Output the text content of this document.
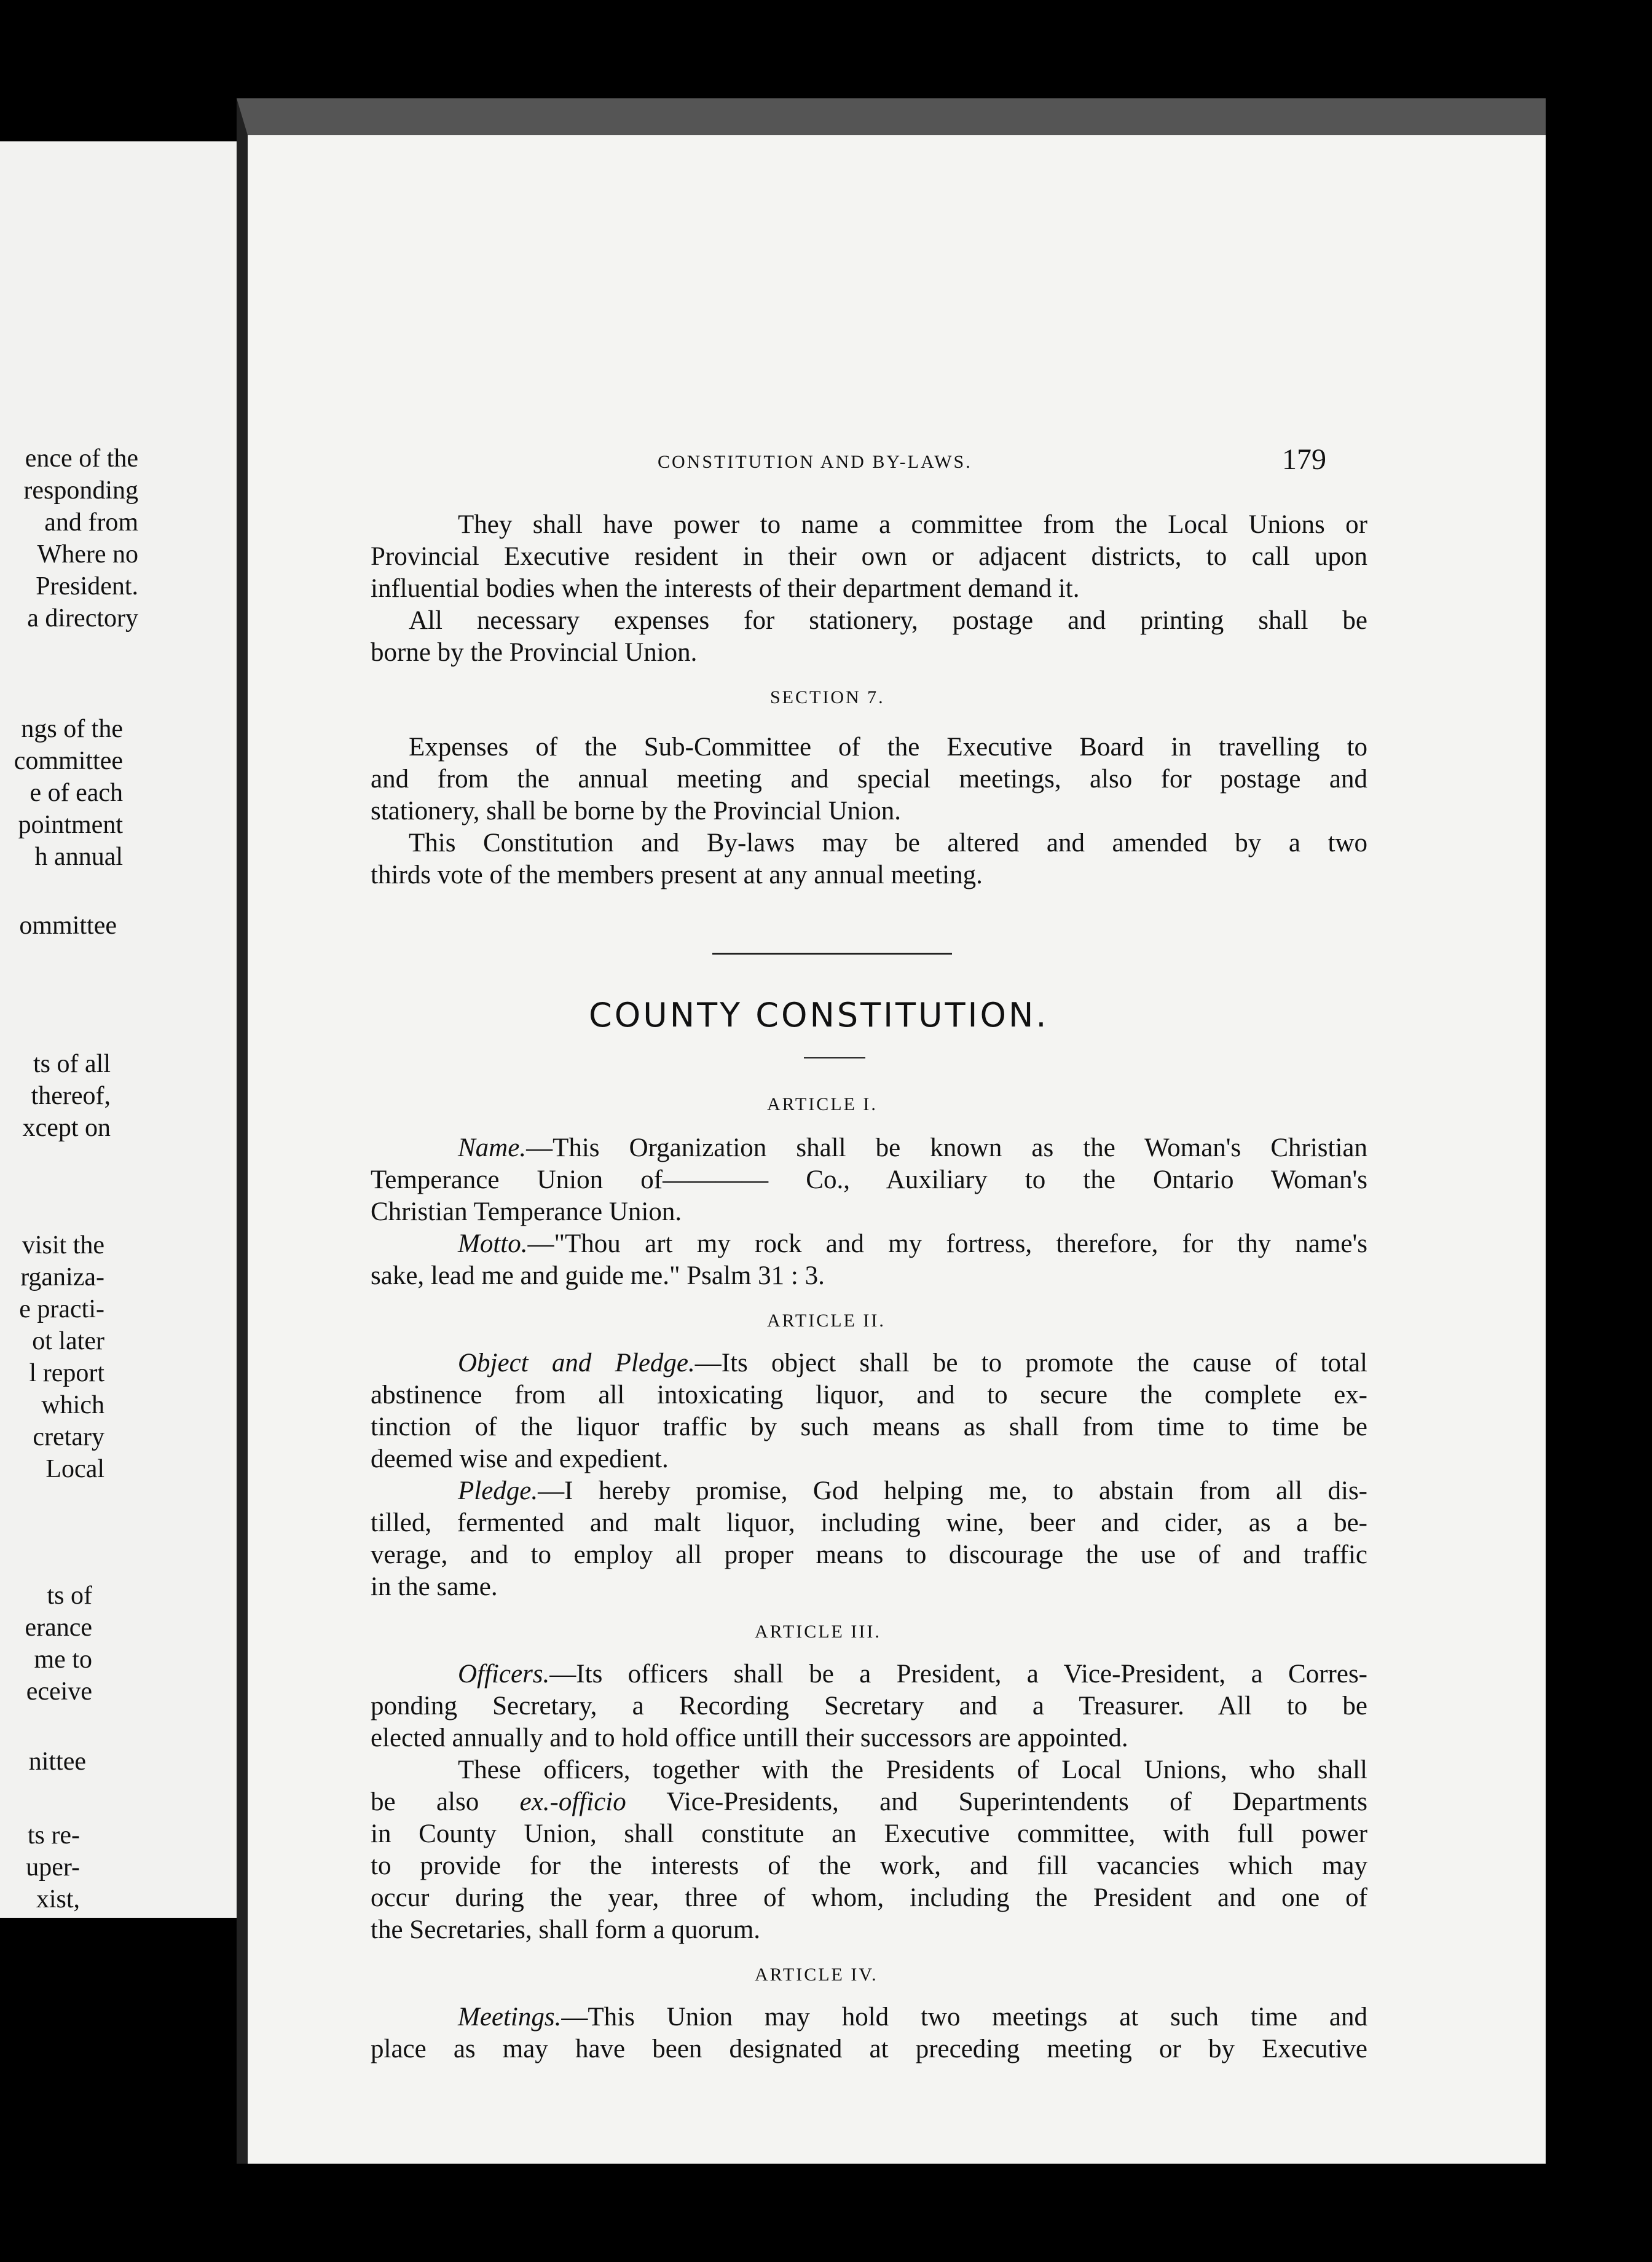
ence of the
responding
and from
Where no
President.
a directory
ngs of the
committee
e of each
pointment
h annual
ommittee
ts of all
thereof,
xcept on
visit the
rganiza-
e practi-
ot later
l report
which
cretary
Local
ts of
erance
me to
eceive
nittee
ts re-
uper-
xist,
CONSTITUTION AND BY-LAWS.	179
They shall have power to name a committee from the Local Unions or
Provincial Executive resident in their own or adjacent districts, to call upon
influential bodies when the interests of their department demand it.
All necessary expenses for stationery, postage and printing shall be
borne by the Provincial Union.
SECTION 7.
Expenses of the Sub-Committee of the Executive Board in travelling to
and from the annual meeting and special meetings, also for postage and
stationery, shall be borne by the Provincial Union.
This Constitution and By-laws may be altered and amended by a two
thirds vote of the members present at any annual meeting.
COUNTY CONSTITUTION.
ARTICLE I.
Name.—This Organization shall be known as the Woman's Christian
Temperance Union of———— Co., Auxiliary to the Ontario Woman's
Christian Temperance Union.
Motto.—"Thou art my rock and my fortress, therefore, for thy name's
sake, lead me and guide me." Psalm 31 : 3.
ARTICLE II.
Object and Pledge.—Its object shall be to promote the cause of total
abstinence from all intoxicating liquor, and to secure the complete ex-
tinction of the liquor traffic by such means as shall from time to time be
deemed wise and expedient.
Pledge.—I hereby promise, God helping me, to abstain from all dis-
tilled, fermented and malt liquor, including wine, beer and cider, as a be-
verage, and to employ all proper means to discourage the use of and traffic
in the same.
ARTICLE III.
Officers.—Its officers shall be a President, a Vice-President, a Corres-
ponding Secretary, a Recording Secretary and a Treasurer. All to be
elected annually and to hold office untill their successors are appointed.
These officers, together with the Presidents of Local Unions, who shall
be also ex.-officio Vice-Presidents, and Superintendents of Departments
in County Union, shall constitute an Executive committee, with full power
to provide for the interests of the work, and fill vacancies which may
occur during the year, three of whom, including the President and one of
the Secretaries, shall form a quorum.
ARTICLE IV.
Meetings.—This Union may hold two meetings at such time and
place as may have been designated at preceding meeting or by Executive
